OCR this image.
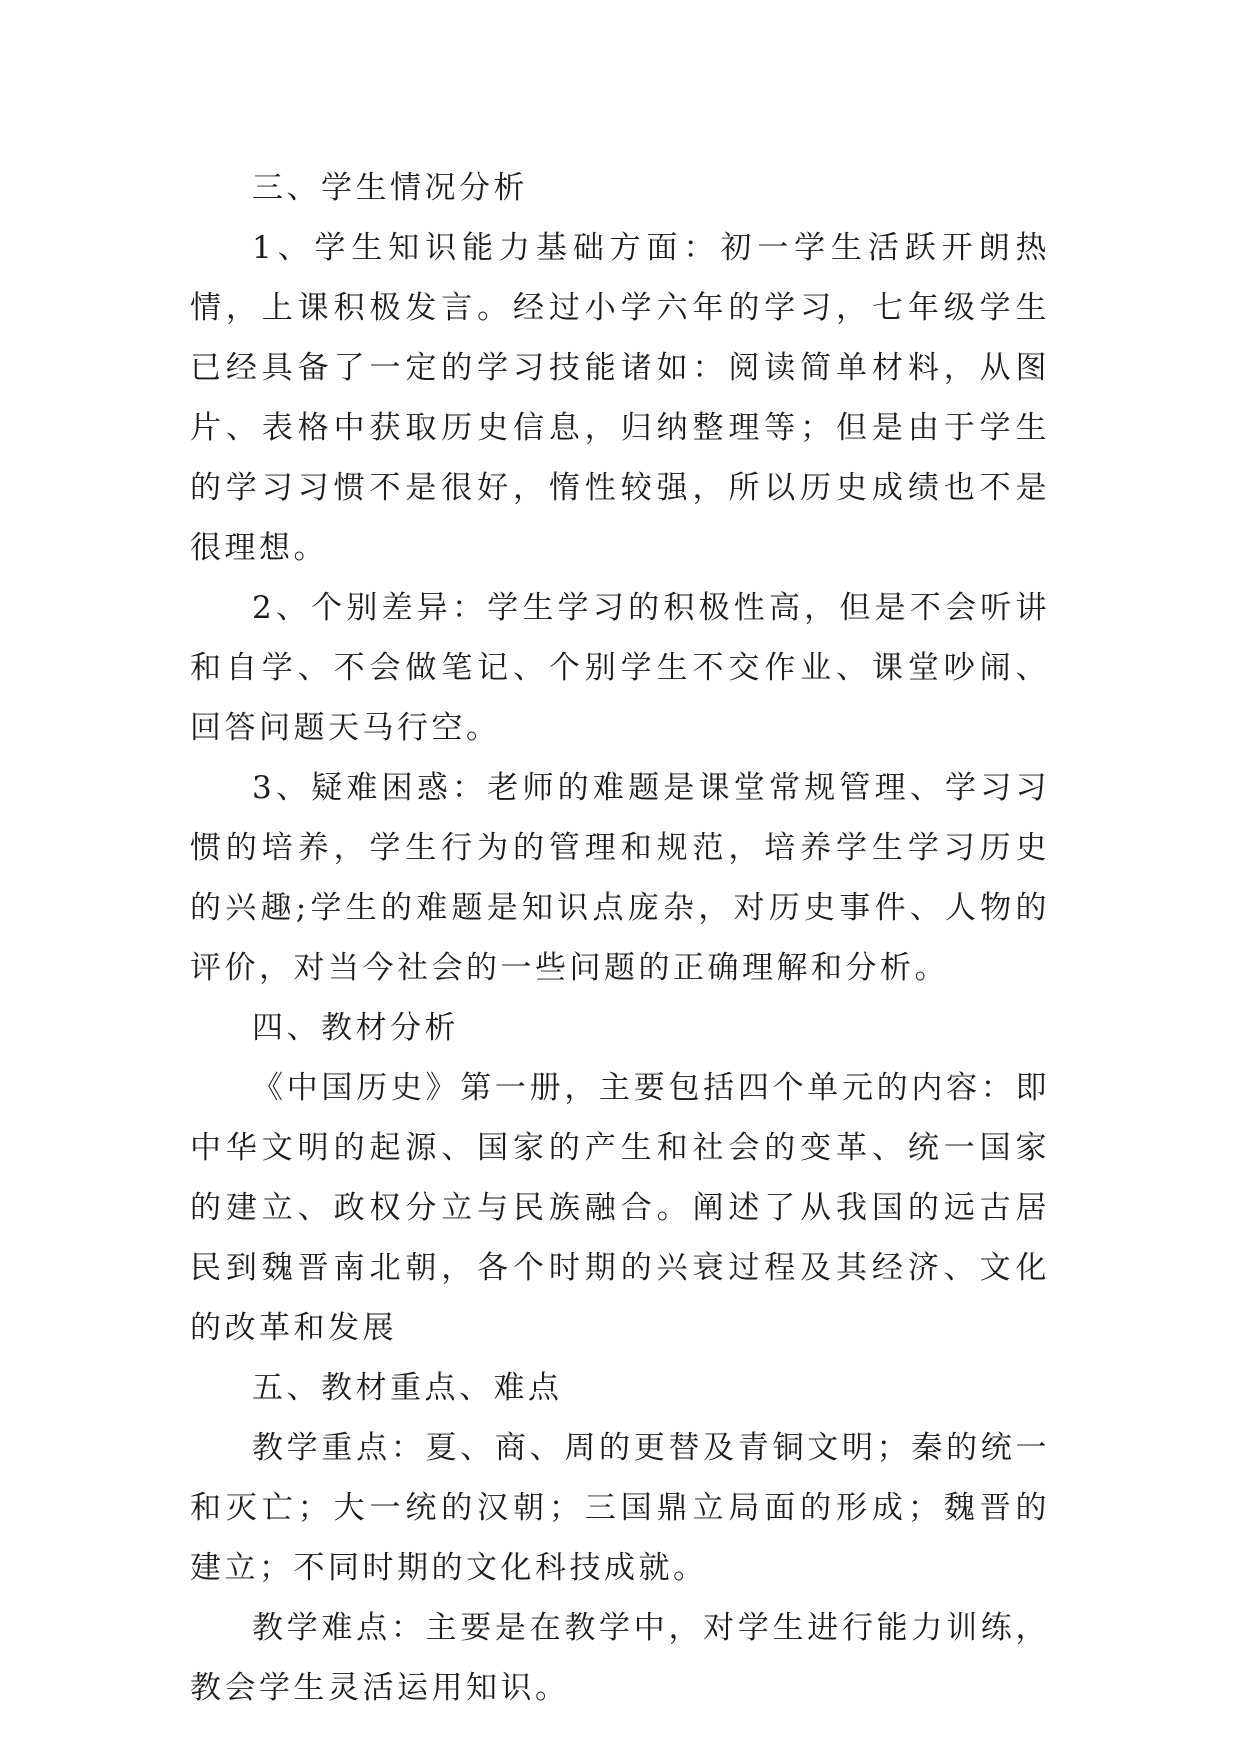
三、学生情况分析

1、学生知识能力基础方面：初一学生活跃开朗热情，上课积极发言。经过小学六年的学习，七年级学生已经具备了一定的学习技能诸如：阅读简单材料，从图片、表格中获取历史信息，归纳整理等；但是由于学生的学习习惯不是很好，惰性较强，所以历史成绩也不是很理想。

2、个别差异：学生学习的积极性高，但是不会听讲和自学、不会做笔记、个别学生不交作业、课堂吵闹、回答问题天马行空。

3、疑难困惑：老师的难题是课堂常规管理、学习习惯的培养，学生行为的管理和规范，培养学生学习历史的兴趣;学生的难题是知识点庞杂，对历史事件、人物的评价，对当今社会的一些问题的正确理解和分析。

四、教材分析

《中国历史》第一册，主要包括四个单元的内容：即中华文明的起源、国家的产生和社会的变革、统一国家的建立、政权分立与民族融合。阐述了从我国的远古居民到魏晋南北朝，各个时期的兴衰过程及其经济、文化的改革和发展

五、教材重点、难点

教学重点：夏、商、周的更替及青铜文明；秦的统一和灭亡；大一统的汉朝；三国鼎立局面的形成；魏晋的建立；不同时期的文化科技成就。

教学难点：主要是在教学中，对学生进行能力训练，教会学生灵活运用知识。
